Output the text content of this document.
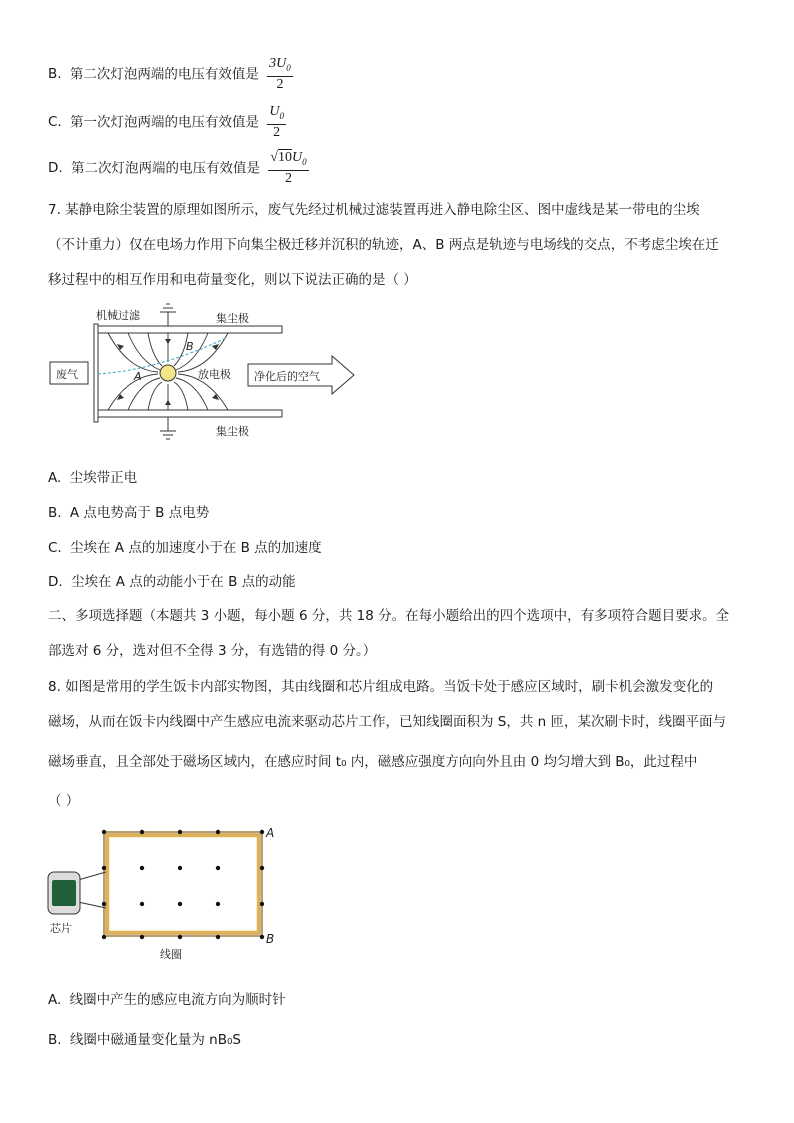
B. 第二次灯泡两端的电压有效值是 $\frac{3U_0}{2}$
C. 第一次灯泡两端的电压有效值是 $\frac{U_0}{2}$
D. 第二次灯泡两端的电压有效值是 $\frac{√10U_0}{2}$
7. 某静电除尘装置的原理如图所示，废气先经过机械过滤装置再进入静电除尘区、图中虚线是某一带电的尘埃
（不计重力）仅在电场力作用下向集尘极迁移并沉积的轨迹，A、B 两点是轨迹与电场线的交点，不考虑尘埃在迁
移过程中的相互作用和电荷量变化，则以下说法正确的是（ ）
机械过滤	集尘极
集尘极
放电极
A
B
废气	净化后的空气
A. 尘埃带正电
B. A 点电势高于 B 点电势
C. 尘埃在 A 点的加速度小于在 B 点的加速度
D. 尘埃在 A 点的动能小于在 B 点的动能
二、多项选择题（本题共 3 小题，每小题 6 分，共 18 分。在每小题给出的四个选项中，有多项符合题目要求。全
部选对 6 分，选对但不全得 3 分，有选错的得 0 分。）
8. 如图是常用的学生饭卡内部实物图，其由线圈和芯片组成电路。当饭卡处于感应区域时，刷卡机会激发变化的
磁场，从而在饭卡内线圈中产生感应电流来驱动芯片工作，已知线圈面积为 S，共 n 匝，某次刷卡时，线圈平面与
磁场垂直，且全部处于磁场区域内，在感应时间 t₀ 内，磁感应强度方向向外且由 0 均匀增大到 B₀，此过程中
（ ）
芯片
线圈
A
B
A. 线圈中产生的感应电流方向为顺时针
B. 线圈中磁通量变化量为 nB₀S
